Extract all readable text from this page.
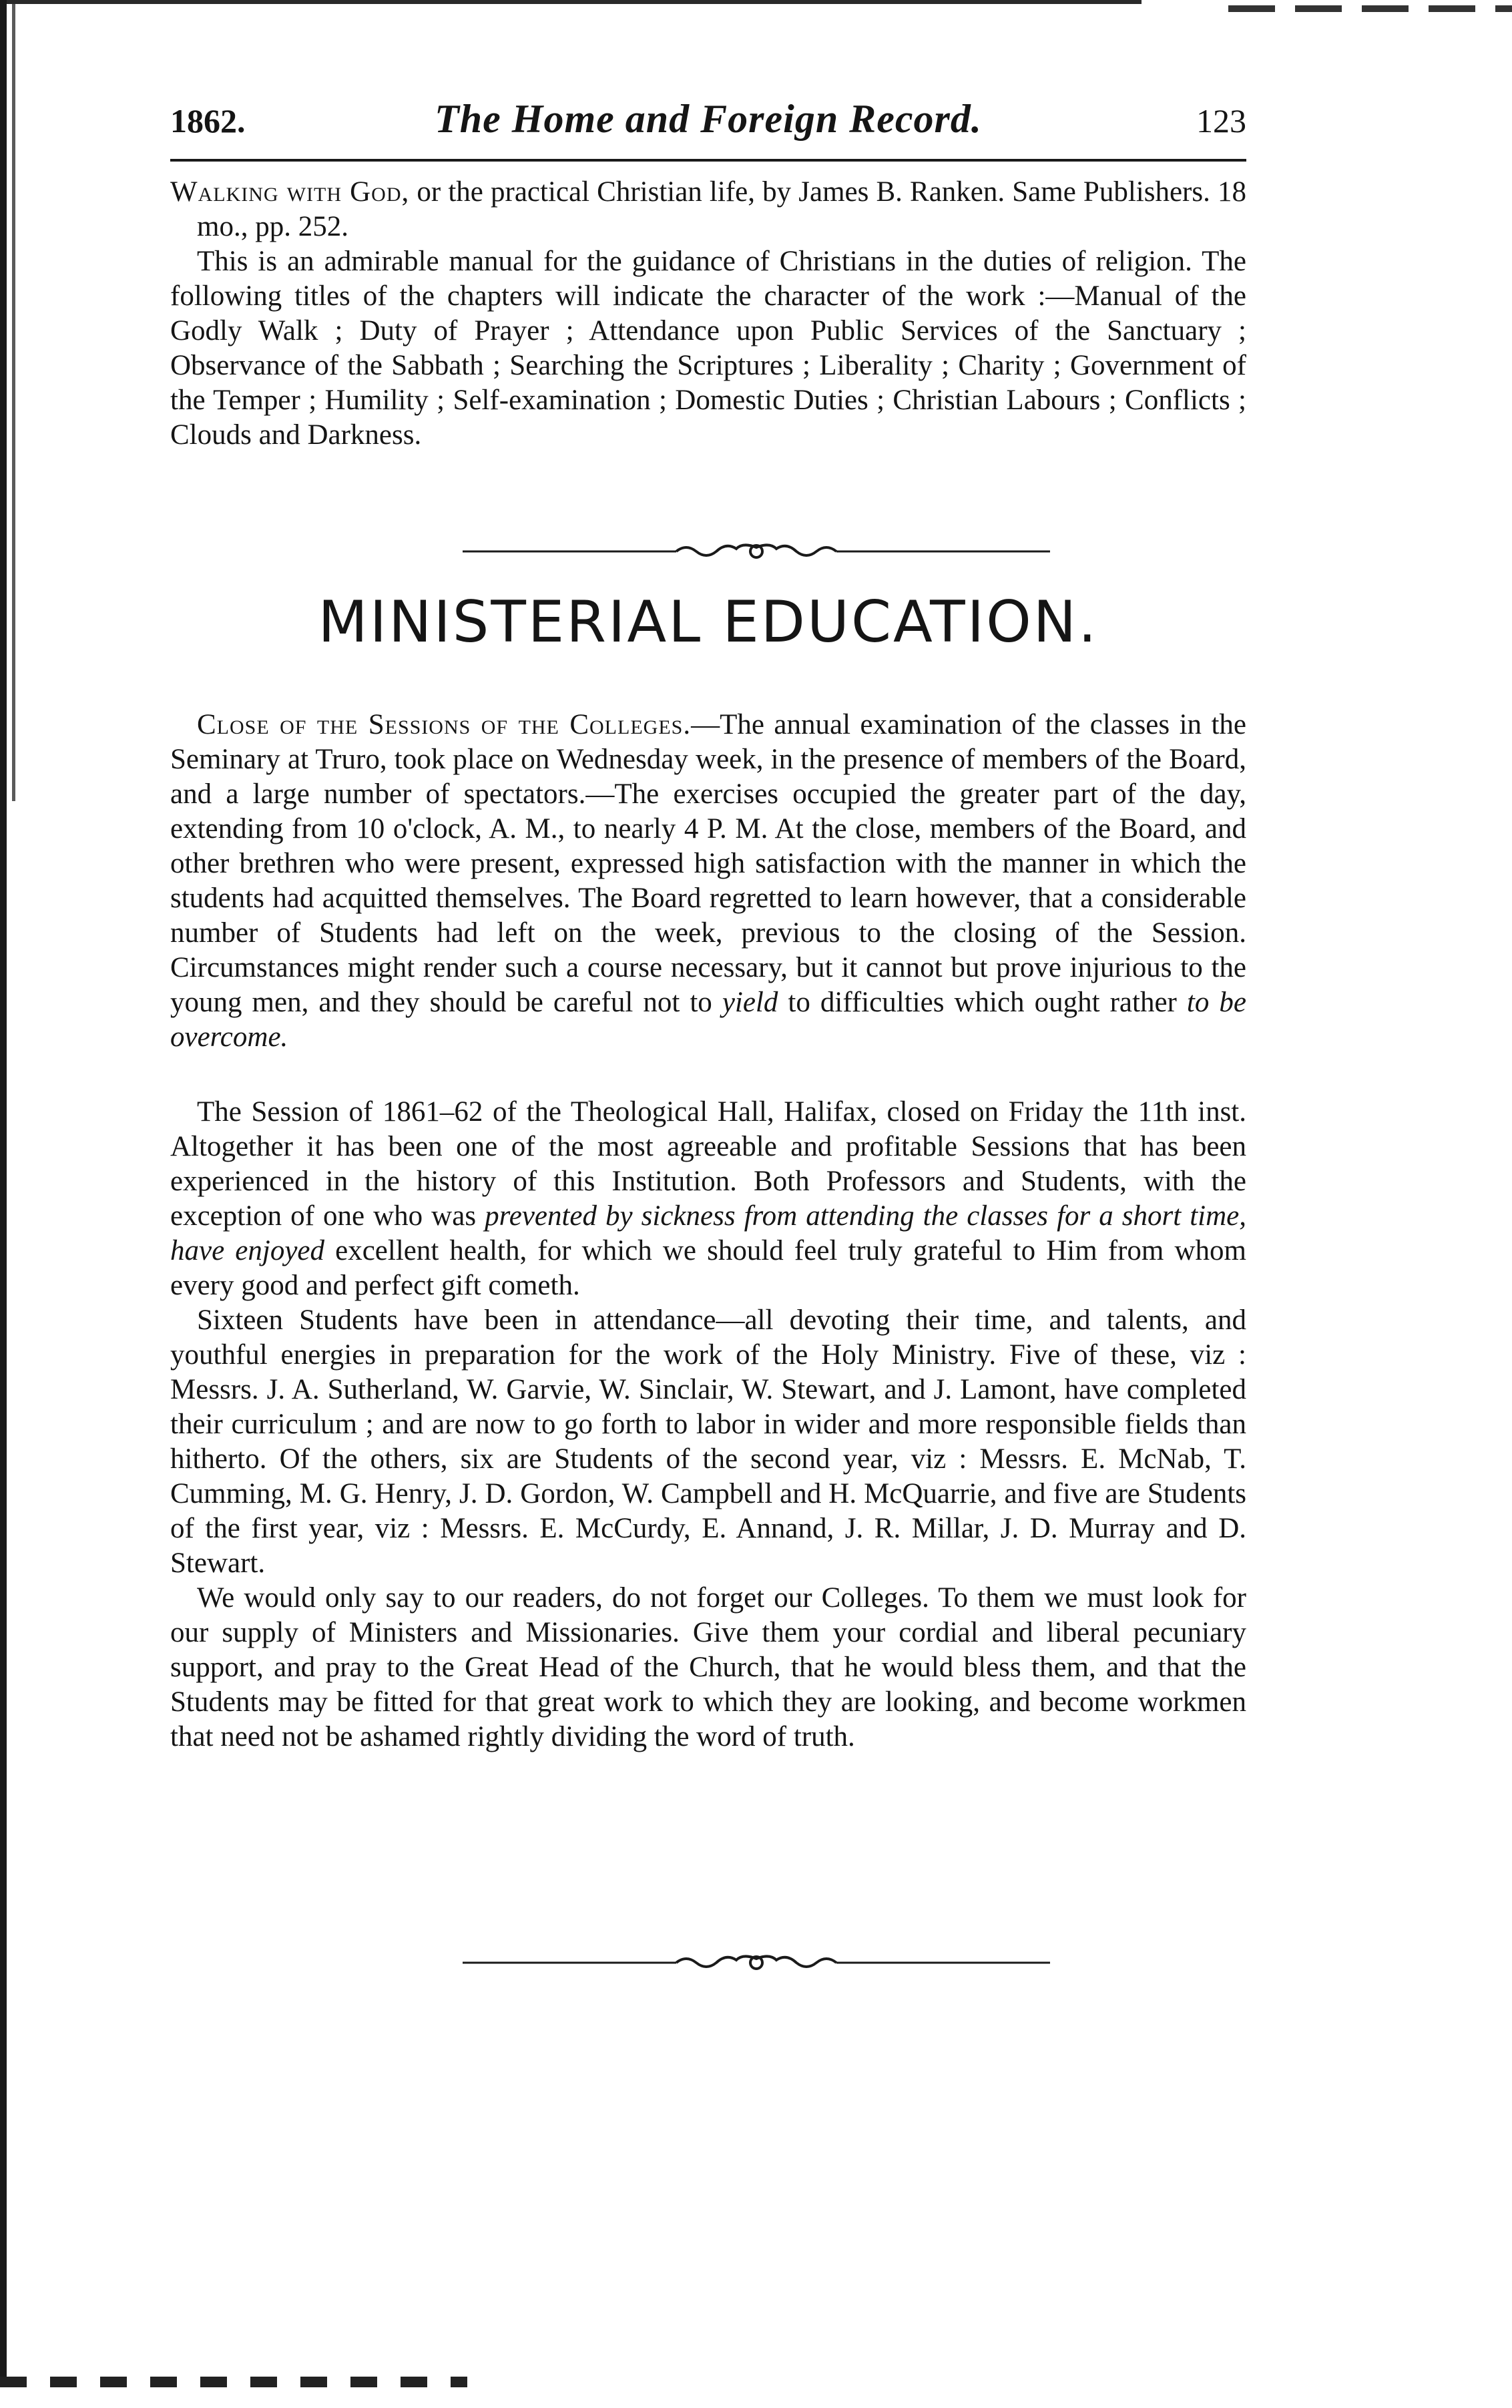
1862.	The Home and Foreign Record.	123

Walking with God, or the practical Christian life, by James B. Ranken. Same Publishers. 18 mo., pp. 252.

This is an admirable manual for the guidance of Christians in the duties of religion. The following titles of the chapters will indicate the character of the work :—Manual of the Godly Walk ; Duty of Prayer ; Attendance upon Public Services of the Sanctuary ; Observance of the Sabbath ; Searching the Scriptures ; Liberality ; Charity ; Government of the Temper ; Humility ; Self-examination ; Domestic Duties ; Christian Labours ; Conflicts ; Clouds and Darkness.

MINISTERIAL EDUCATION.

Close of the Sessions of the Colleges.—The annual examination of the classes in the Seminary at Truro, took place on Wednesday week, in the presence of members of the Board, and a large number of spectators.—The exercises occupied the greater part of the day, extending from 10 o'clock, A. M., to nearly 4 P. M. At the close, members of the Board, and other brethren who were present, expressed high satisfaction with the manner in which the students had acquitted themselves. The Board regretted to learn however, that a considerable number of Students had left on the week, previous to the closing of the Session. Circumstances might render such a course necessary, but it cannot but prove injurious to the young men, and they should be careful not to yield to difficulties which ought rather to be overcome.

The Session of 1861–62 of the Theological Hall, Halifax, closed on Friday the 11th inst. Altogether it has been one of the most agreeable and profitable Sessions that has been experienced in the history of this Institution. Both Professors and Students, with the exception of one who was prevented by sickness from attending the classes for a short time, have enjoyed excellent health, for which we should feel truly grateful to Him from whom every good and perfect gift cometh.

Sixteen Students have been in attendance—all devoting their time, and talents, and youthful energies in preparation for the work of the Holy Ministry. Five of these, viz : Messrs. J. A. Sutherland, W. Garvie, W. Sinclair, W. Stewart, and J. Lamont, have completed their curriculum ; and are now to go forth to labor in wider and more responsible fields than hitherto. Of the others, six are Students of the second year, viz : Messrs. E. McNab, T. Cumming, M. G. Henry, J. D. Gordon, W. Campbell and H. McQuarrie, and five are Students of the first year, viz : Messrs. E. McCurdy, E. Annand, J. R. Millar, J. D. Murray and D. Stewart.

We would only say to our readers, do not forget our Colleges. To them we must look for our supply of Ministers and Missionaries. Give them your cordial and liberal pecuniary support, and pray to the Great Head of the Church, that he would bless them, and that the Students may be fitted for that great work to which they are looking, and become workmen that need not be ashamed rightly dividing the word of truth.
